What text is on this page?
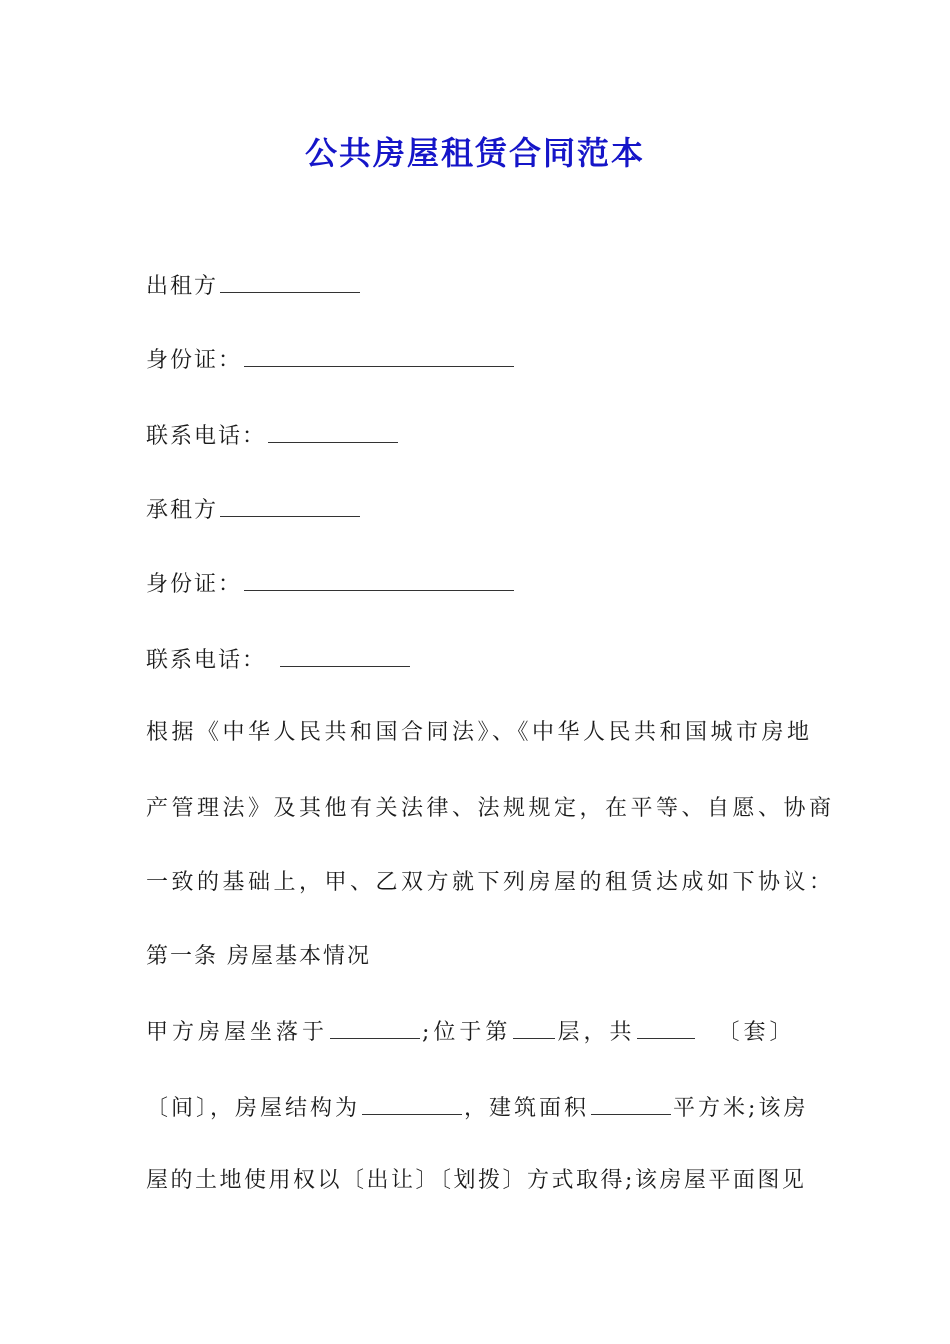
公共房屋租赁合同范本
出租方
身份证：
联系电话：
承租方
身份证：
联系电话：
根据《中华人民共和国合同法》、《中华人民共和国城市房地
产管理法》及其他有关法律、法规规定，在平等、自愿、协商
一致的基础上，甲、乙双方就下列房屋的租赁达成如下协议：
第一条 房屋基本情况
甲方房屋坐落于	;位于第 层，共	〔套〕
〔间〕，房屋结构为	，建筑面积	平方米;该房
屋的土地使用权以〔出让〕〔划拨〕方式取得;该房屋平面图见
